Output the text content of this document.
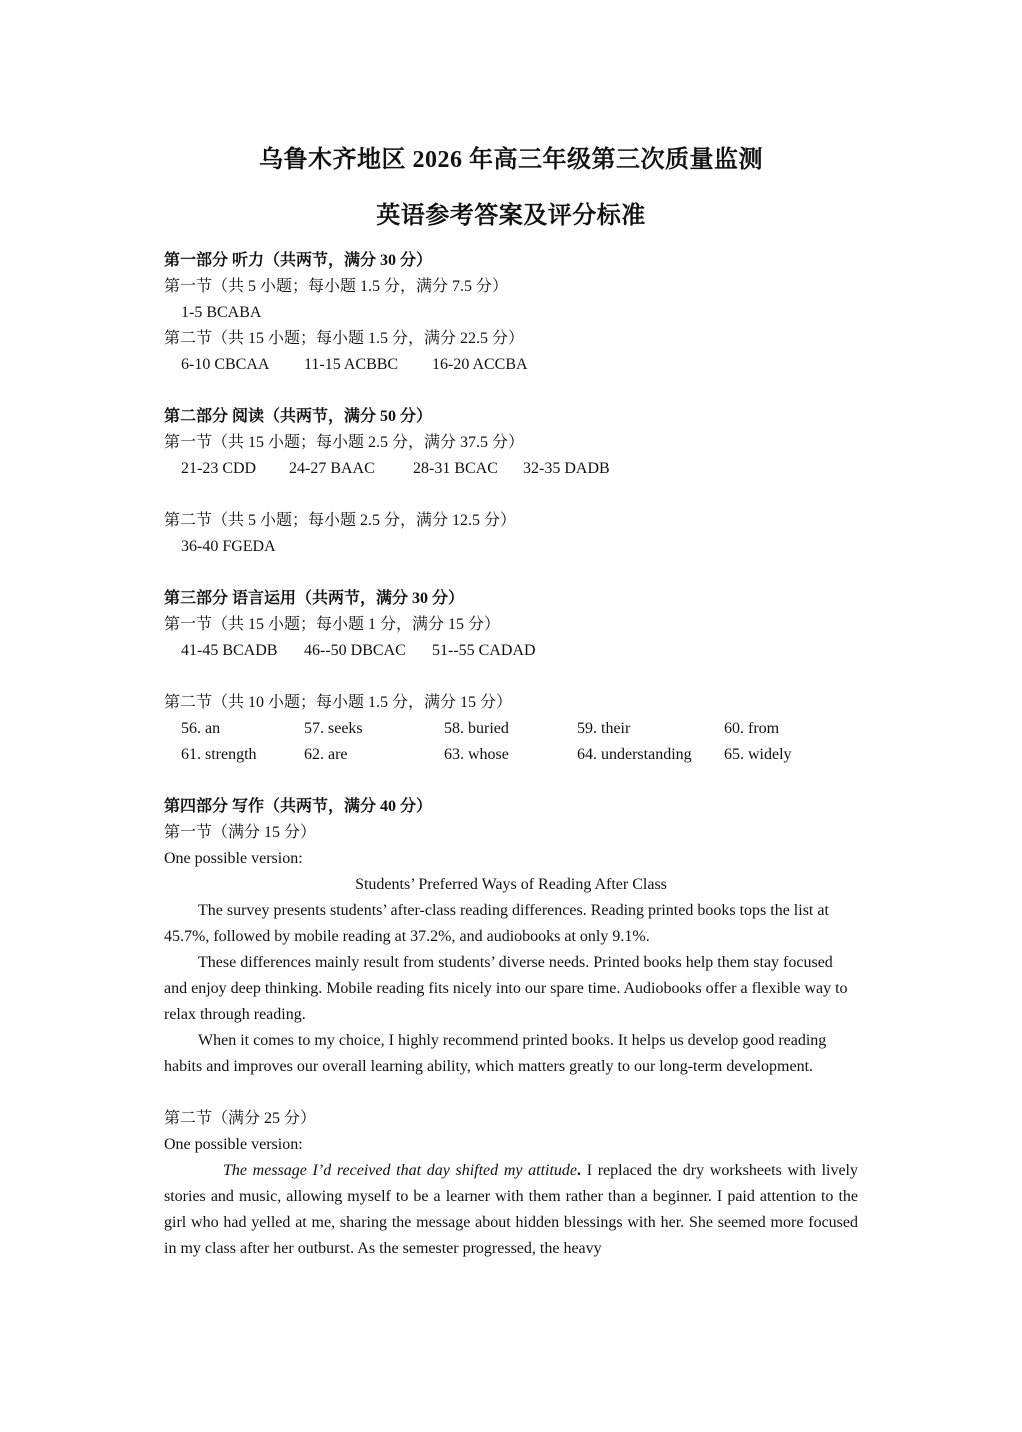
乌鲁木齐地区 2026 年高三年级第三次质量监测
英语参考答案及评分标准

第一部分 听力（共两节，满分 30 分）

第一节（共 5 小题；每小题 1.5 分，满分 7.5 分）

1-5 BCABA

第二节（共 15 小题；每小题 1.5 分，满分 22.5 分）

6-10 CBCAA 11-15 ACBBC 16-20 ACCBA

第二部分 阅读（共两节，满分 50 分）

第一节（共 15 小题；每小题 2.5 分，满分 37.5 分）

21-23 CDD 24-27 BAAC 28-31 BCAC 32-35 DADB

第二节（共 5 小题；每小题 2.5 分，满分 12.5 分）

36-40 FGEDA

第三部分 语言运用（共两节，满分 30 分）

第一节（共 15 小题；每小题 1 分，满分 15 分）

41-45 BCADB 46--50 DBCAC 51--55 CADAD

第二节（共 10 小题；每小题 1.5 分，满分 15 分）

56. an	57. seeks	58. buried	59. their	60. from
61. strength	62. are	63. whose	64. understanding	65. widely

第四部分 写作（共两节，满分 40 分）

第一节（满分 15 分）

One possible version:

Students’ Preferred Ways of Reading After Class

The survey presents students’ after-class reading differences. Reading printed books tops the list at 45.7%, followed by mobile reading at 37.2%, and audiobooks at only 9.1%.

These differences mainly result from students’ diverse needs. Printed books help them stay focused and enjoy deep thinking. Mobile reading fits nicely into our spare time. Audiobooks offer a flexible way to relax through reading.

When it comes to my choice, I highly recommend printed books. It helps us develop good reading habits and improves our overall learning ability, which matters greatly to our long-term development.

第二节（满分 25 分）

One possible version:

The message I’d received that day shifted my attitude. I replaced the dry worksheets with lively stories and music, allowing myself to be a learner with them rather than a beginner. I paid attention to the girl who had yelled at me, sharing the message about hidden blessings with her. She seemed more focused in my class after her outburst. As the semester progressed, the heavy
